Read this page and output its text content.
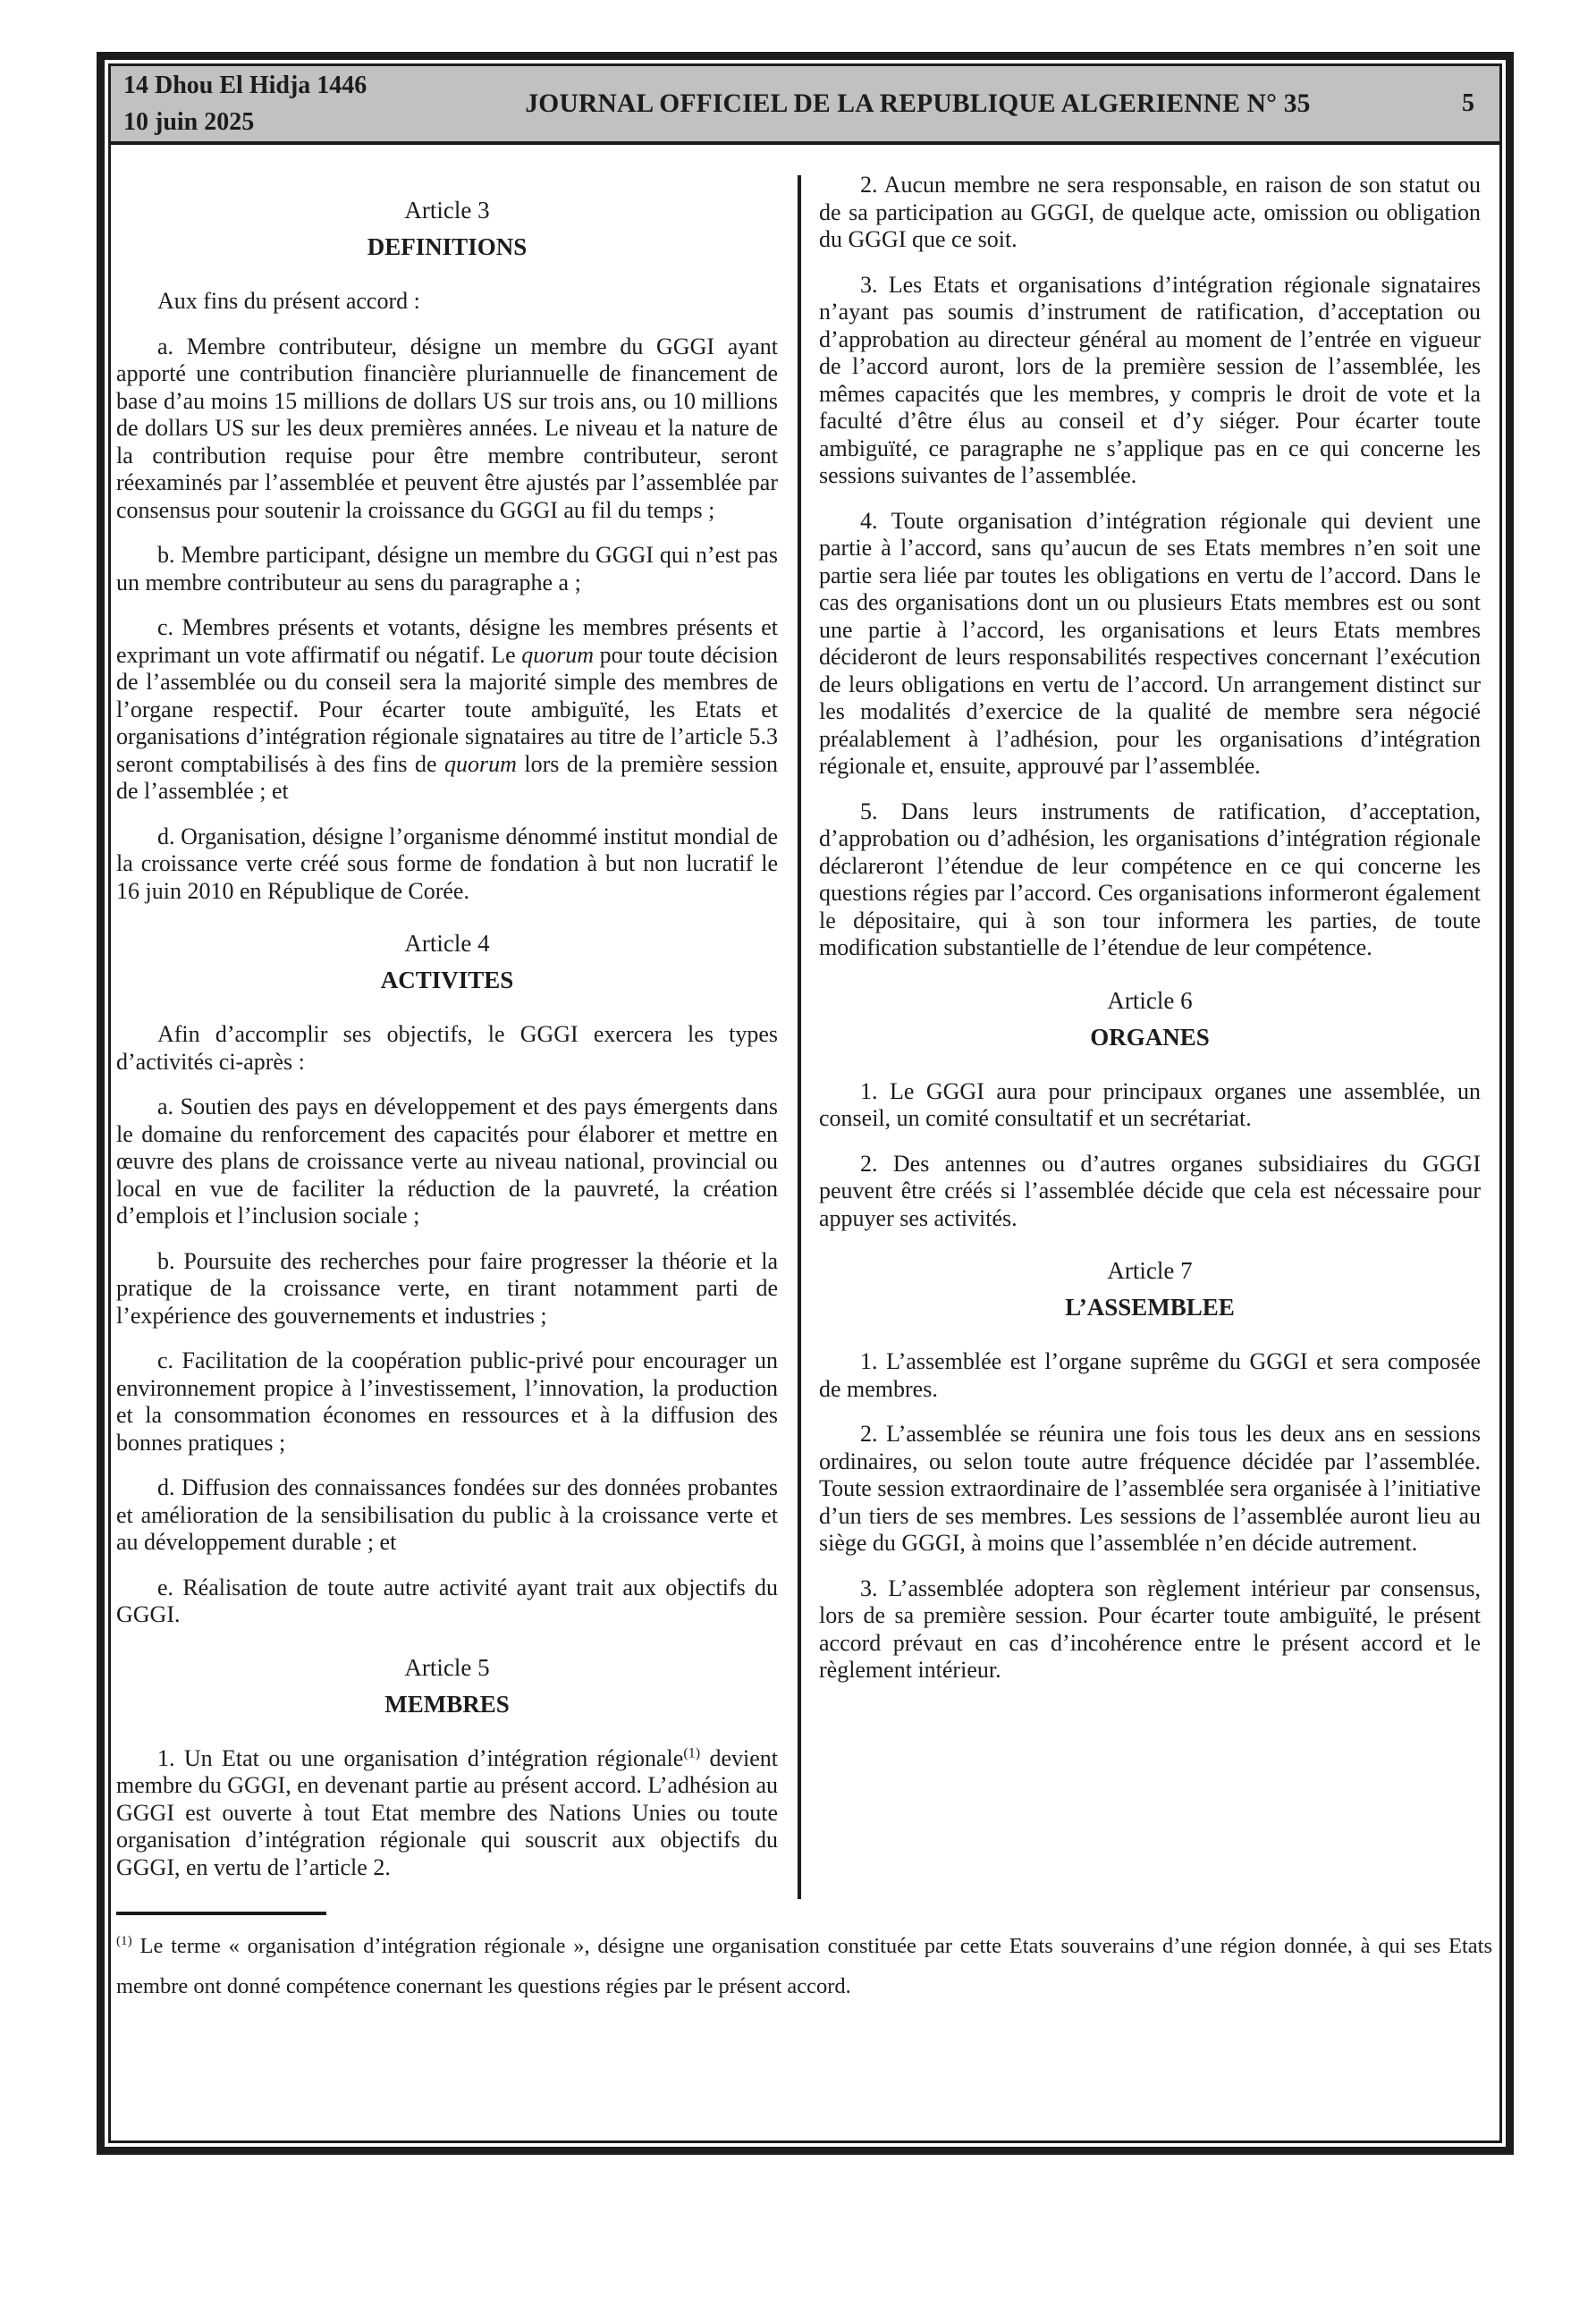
14 Dhou El Hidja 1446
10 juin 2025
JOURNAL OFFICIEL DE LA REPUBLIQUE ALGERIENNE N° 35	5
Article 3
DEFINITIONS

Aux fins du présent accord :

a. Membre contributeur, désigne un membre du GGGI ayant apporté une contribution financière pluriannuelle de financement de base d’au moins 15 millions de dollars US sur trois ans, ou 10 millions de dollars US sur les deux premières années. Le niveau et la nature de la contribution requise pour être membre contributeur, seront réexaminés par l’assemblée et peuvent être ajustés par l’assemblée par consensus pour soutenir la croissance du GGGI au fil du temps ;

b. Membre participant, désigne un membre du GGGI qui n’est pas un membre contributeur au sens du paragraphe a ;

c. Membres présents et votants, désigne les membres présents et exprimant un vote affirmatif ou négatif. Le quorum pour toute décision de l’assemblée ou du conseil sera la majorité simple des membres de l’organe respectif. Pour écarter toute ambiguïté, les Etats et organisations d’intégration régionale signataires au titre de l’article 5.3 seront comptabilisés à des fins de quorum lors de la première session de l’assemblée ; et

d. Organisation, désigne l’organisme dénommé institut mondial de la croissance verte créé sous forme de fondation à but non lucratif le 16 juin 2010 en République de Corée.

Article 4
ACTIVITES

Afin d’accomplir ses objectifs, le GGGI exercera les types d’activités ci-après :

a. Soutien des pays en développement et des pays émergents dans le domaine du renforcement des capacités pour élaborer et mettre en œuvre des plans de croissance verte au niveau national, provincial ou local en vue de faciliter la réduction de la pauvreté, la création d’emplois et l’inclusion sociale ;

b. Poursuite des recherches pour faire progresser la théorie et la pratique de la croissance verte, en tirant notamment parti de l’expérience des gouvernements et industries ;

c. Facilitation de la coopération public-privé pour encourager un environnement propice à l’investissement, l’innovation, la production et la consommation économes en ressources et à la diffusion des bonnes pratiques ;

d. Diffusion des connaissances fondées sur des données probantes et amélioration de la sensibilisation du public à la croissance verte et au développement durable ; et

e. Réalisation de toute autre activité ayant trait aux objectifs du GGGI.

Article 5
MEMBRES

1. Un Etat ou une organisation d’intégration régionale$^{(1)}$ devient membre du GGGI, en devenant partie au présent accord. L’adhésion au GGGI est ouverte à tout Etat membre des Nations Unies ou toute organisation d’intégration régionale qui souscrit aux objectifs du GGGI, en vertu de l’article 2.

2. Aucun membre ne sera responsable, en raison de son statut ou de sa participation au GGGI, de quelque acte, omission ou obligation du GGGI que ce soit.

3. Les Etats et organisations d’intégration régionale signataires n’ayant pas soumis d’instrument de ratification, d’acceptation ou d’approbation au directeur général au moment de l’entrée en vigueur de l’accord auront, lors de la première session de l’assemblée, les mêmes capacités que les membres, y compris le droit de vote et la faculté d’être élus au conseil et d’y siéger. Pour écarter toute ambiguïté, ce paragraphe ne s’applique pas en ce qui concerne les sessions suivantes de l’assemblée.

4. Toute organisation d’intégration régionale qui devient une partie à l’accord, sans qu’aucun de ses Etats membres n’en soit une partie sera liée par toutes les obligations en vertu de l’accord. Dans le cas des organisations dont un ou plusieurs Etats membres est ou sont une partie à l’accord, les organisations et leurs Etats membres décideront de leurs responsabilités respectives concernant l’exécution de leurs obligations en vertu de l’accord. Un arrangement distinct sur les modalités d’exercice de la qualité de membre sera négocié préalablement à l’adhésion, pour les organisations d’intégration régionale et, ensuite, approuvé par l’assemblée.

5. Dans leurs instruments de ratification, d’acceptation, d’approbation ou d’adhésion, les organisations d’intégration régionale déclareront l’étendue de leur compétence en ce qui concerne les questions régies par l’accord. Ces organisations informeront également le dépositaire, qui à son tour informera les parties, de toute modification substantielle de l’étendue de leur compétence.

Article 6
ORGANES

1. Le GGGI aura pour principaux organes une assemblée, un conseil, un comité consultatif et un secrétariat.

2. Des antennes ou d’autres organes subsidiaires du GGGI peuvent être créés si l’assemblée décide que cela est nécessaire pour appuyer ses activités.

Article 7
L’ASSEMBLEE

1. L’assemblée est l’organe suprême du GGGI et sera composée de membres.

2. L’assemblée se réunira une fois tous les deux ans en sessions ordinaires, ou selon toute autre fréquence décidée par l’assemblée. Toute session extraordinaire de l’assemblée sera organisée à l’initiative d’un tiers de ses membres. Les sessions de l’assemblée auront lieu au siège du GGGI, à moins que l’assemblée n’en décide autrement.

3. L’assemblée adoptera son règlement intérieur par consensus, lors de sa première session. Pour écarter toute ambiguïté, le présent accord prévaut en cas d’incohérence entre le présent accord et le règlement intérieur.

$^{(1)}$ Le terme « organisation d’intégration régionale », désigne une organisation constituée par cette Etats souverains d’une région donnée, à qui ses Etats membre ont donné compétence conernant les questions régies par le présent accord.
